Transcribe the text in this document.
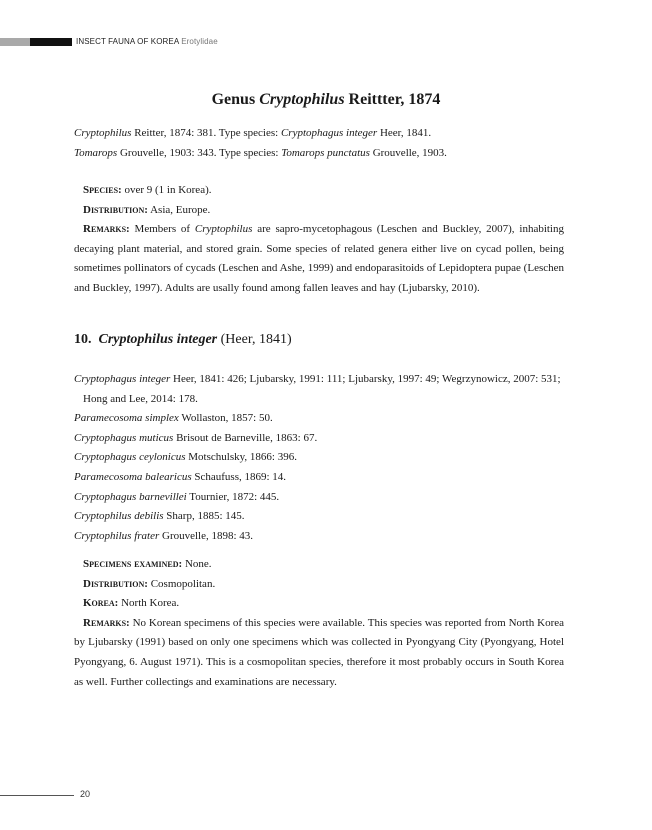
INSECT FAUNA OF KOREA Erotylidae
Genus Cryptophilus Reittter, 1874

Cryptophilus Reitter, 1874: 381. Type species: Cryptophagus integer Heer, 1841.

Tomarops Grouvelle, 1903: 343. Type species: Tomarops punctatus Grouvelle, 1903.

Species: over 9 (1 in Korea).

Distribution: Asia, Europe.

Remarks: Members of Cryptophilus are sapro-mycetophagous (Leschen and Buckley, 2007), inhabiting decaying plant material, and stored grain. Some species of related genera either live on cycad pollen, being sometimes pollinators of cycads (Leschen and Ashe, 1999) and endoparasitoids of Lepidoptera pupae (Leschen and Buckley, 1997). Adults are usally found among fallen leaves and hay (Ljubarsky, 2010).

10. Cryptophilus integer (Heer, 1841)

Cryptophagus integer Heer, 1841: 426; Ljubarsky, 1991: 111; Ljubarsky, 1997: 49; Wegrzynowicz, 2007: 531; Hong and Lee, 2014: 178.

Paramecosoma simplex Wollaston, 1857: 50.

Cryptophagus muticus Brisout de Barneville, 1863: 67.

Cryptophagus ceylonicus Motschulsky, 1866: 396.

Paramecosoma balearicus Schaufuss, 1869: 14.

Cryptophagus barnevillei Tournier, 1872: 445.

Cryptophilus debilis Sharp, 1885: 145.

Cryptophilus frater Grouvelle, 1898: 43.

Specimens examined: None.

Distribution: Cosmopolitan.

Korea: North Korea.

Remarks: No Korean specimens of this species were available. This species was reported from North Korea by Ljubarsky (1991) based on only one specimens which was collected in Pyongyang City (Pyongyang, Hotel Pyongyang, 6. August 1971). This is a cosmopolitan species, therefore it most probably occurs in South Korea as well. Further collectings and examinations are necessary.

20
